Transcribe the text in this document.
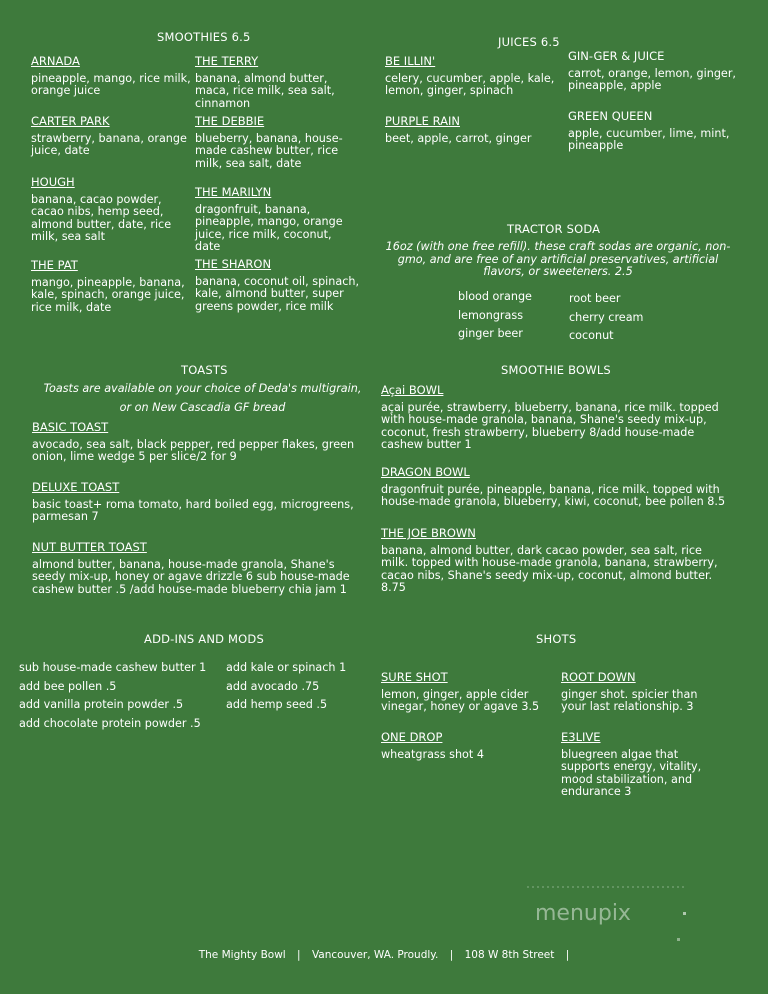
SMOOTHIES 6.5
ARNADA
pineapple, mango, rice milk, orange juice
THE TERRY
banana, almond butter, maca, rice milk, sea salt, cinnamon
CARTER PARK
strawberry, banana, orange juice, date
THE DEBBIE
blueberry, banana, house-made cashew butter, rice milk, sea salt, date
HOUGH
banana, cacao powder, cacao nibs, hemp seed, almond butter, date, rice milk, sea salt
THE MARILYN
dragonfruit, banana, pineapple, mango, orange juice, rice milk, coconut, date
THE PAT
mango, pineapple, banana, kale, spinach, orange juice, rice milk, date
THE SHARON
banana, coconut oil, spinach, kale, almond butter, super greens powder, rice milk
JUICES 6.5
BE ILLIN'
celery, cucumber, apple, kale, lemon, ginger, spinach
GIN-GER & JUICE
carrot, orange, lemon, ginger, pineapple, apple
PURPLE RAIN
beet, apple, carrot, ginger
GREEN QUEEN
apple, cucumber, lime, mint, pineapple
TRACTOR SODA
16oz (with one free refill). these craft sodas are organic, non-gmo, and are free of any artificial preservatives, artificial flavors, or sweeteners. 2.5
blood orange
lemongrass
ginger beer
root beer
cherry cream
coconut
TOASTS
Toasts are available on your choice of Deda's multigrain,
or on New Cascadia GF bread
BASIC TOAST
avocado, sea salt, black pepper, red pepper flakes, green onion, lime wedge 5 per slice/2 for 9
DELUXE TOAST
basic toast+ roma tomato, hard boiled egg, microgreens, parmesan 7
NUT BUTTER TOAST
almond butter, banana, house-made granola, Shane's seedy mix-up, honey or agave drizzle 6 sub house-made cashew butter .5 /add house-made blueberry chia jam 1
SMOOTHIE BOWLS
Açai BOWL
açai purée, strawberry, blueberry, banana, rice milk. topped with house-made granola, banana, Shane's seedy mix-up, coconut, fresh strawberry, blueberry 8/add house-made cashew butter 1
DRAGON BOWL
dragonfruit purée, pineapple, banana, rice milk. topped with house-made granola, blueberry, kiwi, coconut, bee pollen 8.5
THE JOE BROWN
banana, almond butter, dark cacao powder, sea salt, rice milk. topped with house-made granola, banana, strawberry, cacao nibs, Shane's seedy mix-up, coconut, almond butter. 8.75
ADD-INS AND MODS
sub house-made cashew butter 1
add bee pollen .5
add vanilla protein powder .5
add chocolate protein powder .5
add kale or spinach 1
add avocado .75
add hemp seed .5
SHOTS
SURE SHOT
lemon, ginger, apple cider vinegar, honey or agave 3.5
ROOT DOWN
ginger shot. spicier than your last relationship. 3
ONE DROP
wheatgrass shot 4
E3LIVE
bluegreen algae that supports energy, vitality, mood stabilization, and endurance 3
menupix
The Mighty Bowl | Vancouver, WA. Proudly. | 108 W 8th Street |
